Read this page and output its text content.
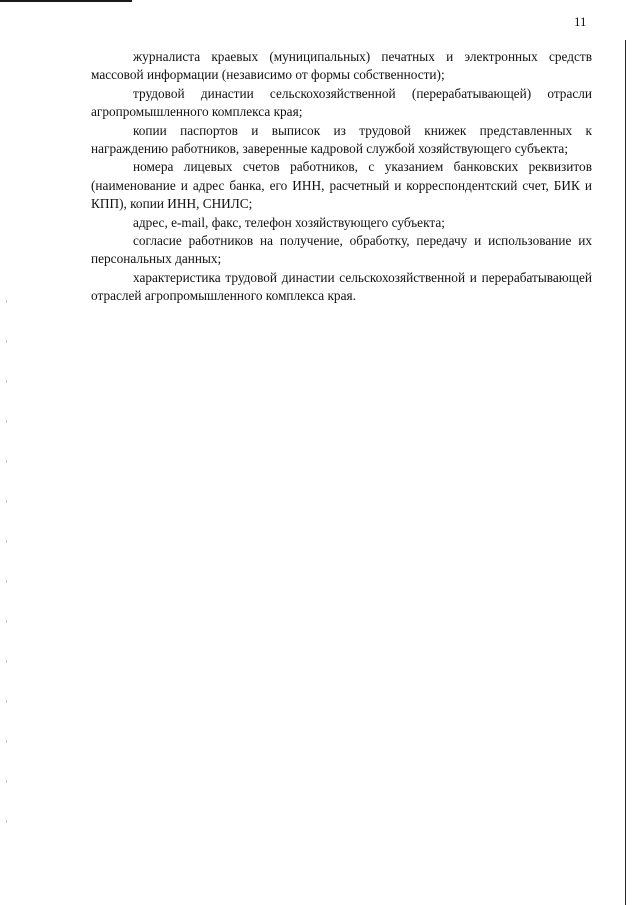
11

журналиста краевых (муниципальных) печатных и электронных средств массовой информации (независимо от формы собственности);

трудовой династии сельскохозяйственной (перерабатывающей) отрасли агропромышленного комплекса края;

копии паспортов и выписок из трудовой книжек представленных к награждению работников, заверенные кадровой службой хозяйствующего субъекта;

номера лицевых счетов работников, с указанием банковских реквизитов (наименование и адрес банка, его ИНН, расчетный и корреспондентский счет, БИК и КПП), копии ИНН, СНИЛС;

адрес, e-mail, факс, телефон хозяйствующего субъекта;

согласие работников на получение, обработку, передачу и использование их персональных данных;

характеристика трудовой династии сельскохозяйственной и перерабатывающей отраслей агропромышленного комплекса края.
